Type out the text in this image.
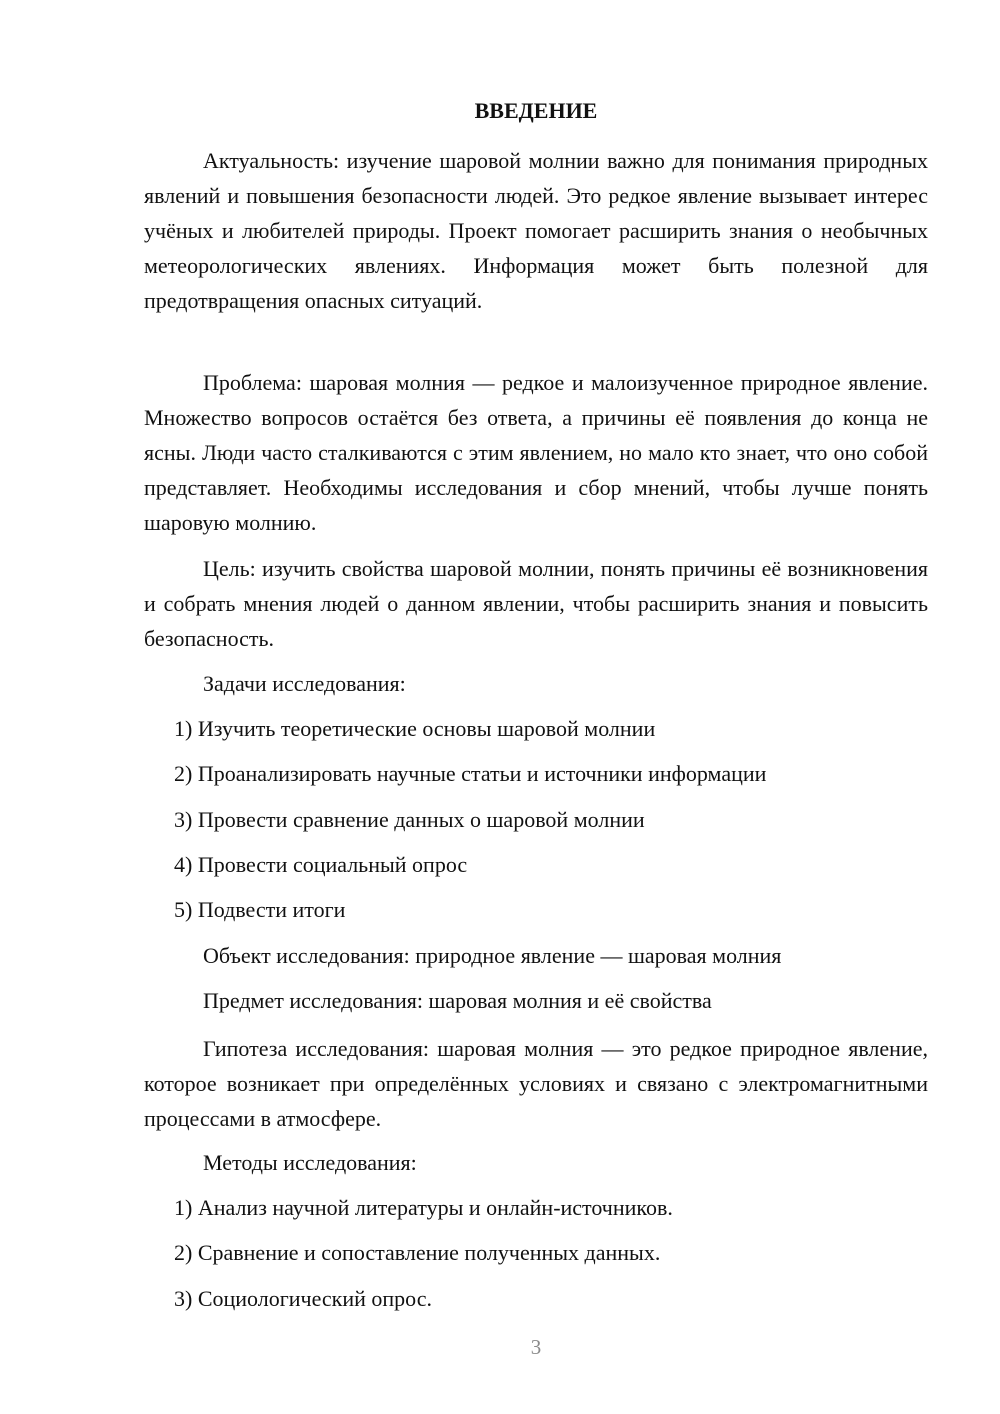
ВВЕДЕНИЕ

Актуальность: изучение шаровой молнии важно для понимания природных явлений и повышения безопасности людей. Это редкое явление вызывает интерес учёных и любителей природы. Проект помогает расширить знания о необычных метеорологических явлениях. Информация может быть полезной для предотвращения опасных ситуаций.

Проблема: шаровая молния — редкое и малоизученное природное явление. Множество вопросов остаётся без ответа, а причины её появления до конца не ясны. Люди часто сталкиваются с этим явлением, но мало кто знает, что оно собой представляет. Необходимы исследования и сбор мнений, чтобы лучше понять шаровую молнию.

Цель: изучить свойства шаровой молнии, понять причины её возникновения и собрать мнения людей о данном явлении, чтобы расширить знания и повысить безопасность.

Задачи исследования:

1) Изучить теоретические основы шаровой молнии

2) Проанализировать научные статьи и источники информации

3) Провести сравнение данных о шаровой молнии

4) Провести социальный опрос

5) Подвести итоги

Объект исследования: природное явление — шаровая молния

Предмет исследования: шаровая молния и её свойства

Гипотеза исследования: шаровая молния — это редкое природное явление, которое возникает при определённых условиях и связано с электромагнитными процессами в атмосфере.

Методы исследования:

1) Анализ научной литературы и онлайн-источников.

2) Сравнение и сопоставление полученных данных.

3) Социологический опрос.

3
